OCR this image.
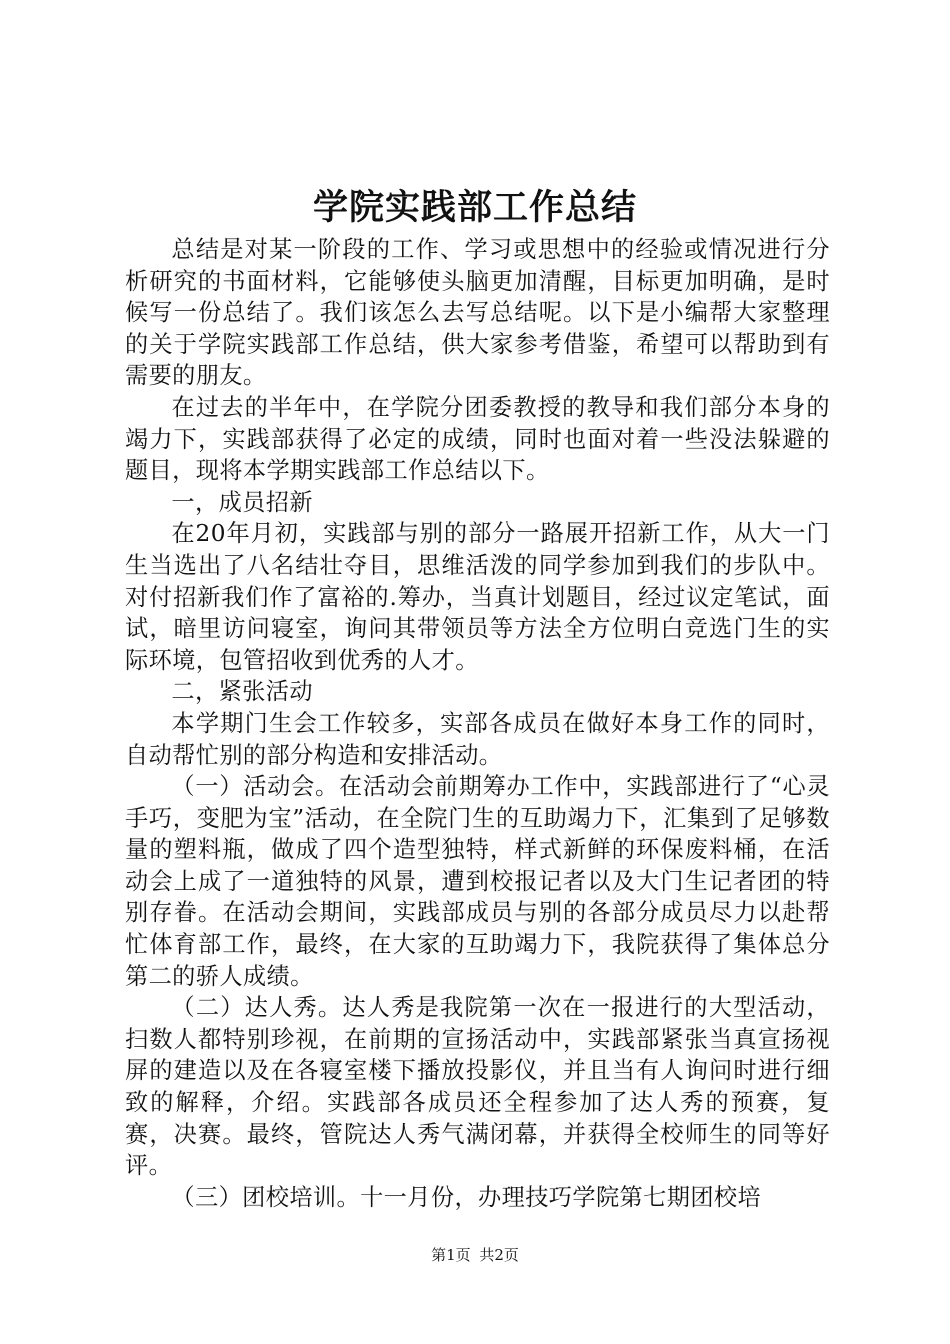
学院实践部工作总结

总结是对某一阶段的工作、学习或思想中的经验或情况进行分析研究的书面材料，它能够使头脑更加清醒，目标更加明确，是时候写一份总结了。我们该怎么去写总结呢。以下是小编帮大家整理的关于学院实践部工作总结，供大家参考借鉴，希望可以帮助到有需要的朋友。

在过去的半年中，在学院分团委教授的教导和我们部分本身的竭力下，实践部获得了必定的成绩，同时也面对着一些没法躲避的题目，现将本学期实践部工作总结以下。

一，成员招新

在20年月初，实践部与别的部分一路展开招新工作，从大一门生当选出了八名结壮夺目，思维活泼的同学参加到我们的步队中。对付招新我们作了富裕的.筹办，当真计划题目，经过议定笔试，面试，暗里访问寝室，询问其带领员等方法全方位明白竞选门生的实际环境，包管招收到优秀的人才。

二，紧张活动

本学期门生会工作较多，实部各成员在做好本身工作的同时，自动帮忙别的部分构造和安排活动。

（一）活动会。在活动会前期筹办工作中，实践部进行了“心灵手巧，变肥为宝”活动，在全院门生的互助竭力下，汇集到了足够数量的塑料瓶，做成了四个造型独特，样式新鲜的环保废料桶，在活动会上成了一道独特的风景，遭到校报记者以及大门生记者团的特别存眷。在活动会期间，实践部成员与别的各部分成员尽力以赴帮忙体育部工作，最终，在大家的互助竭力下，我院获得了集体总分第二的骄人成绩。

（二）达人秀。达人秀是我院第一次在一报进行的大型活动，扫数人都特别珍视，在前期的宣扬活动中，实践部紧张当真宣扬视屏的建造以及在各寝室楼下播放投影仪，并且当有人询问时进行细致的解释，介绍。实践部各成员还全程参加了达人秀的预赛，复赛，决赛。最终，管院达人秀气满闭幕，并获得全校师生的同等好评。

（三）团校培训。十一月份，办理技巧学院第七期团校培

第1页 共2页
